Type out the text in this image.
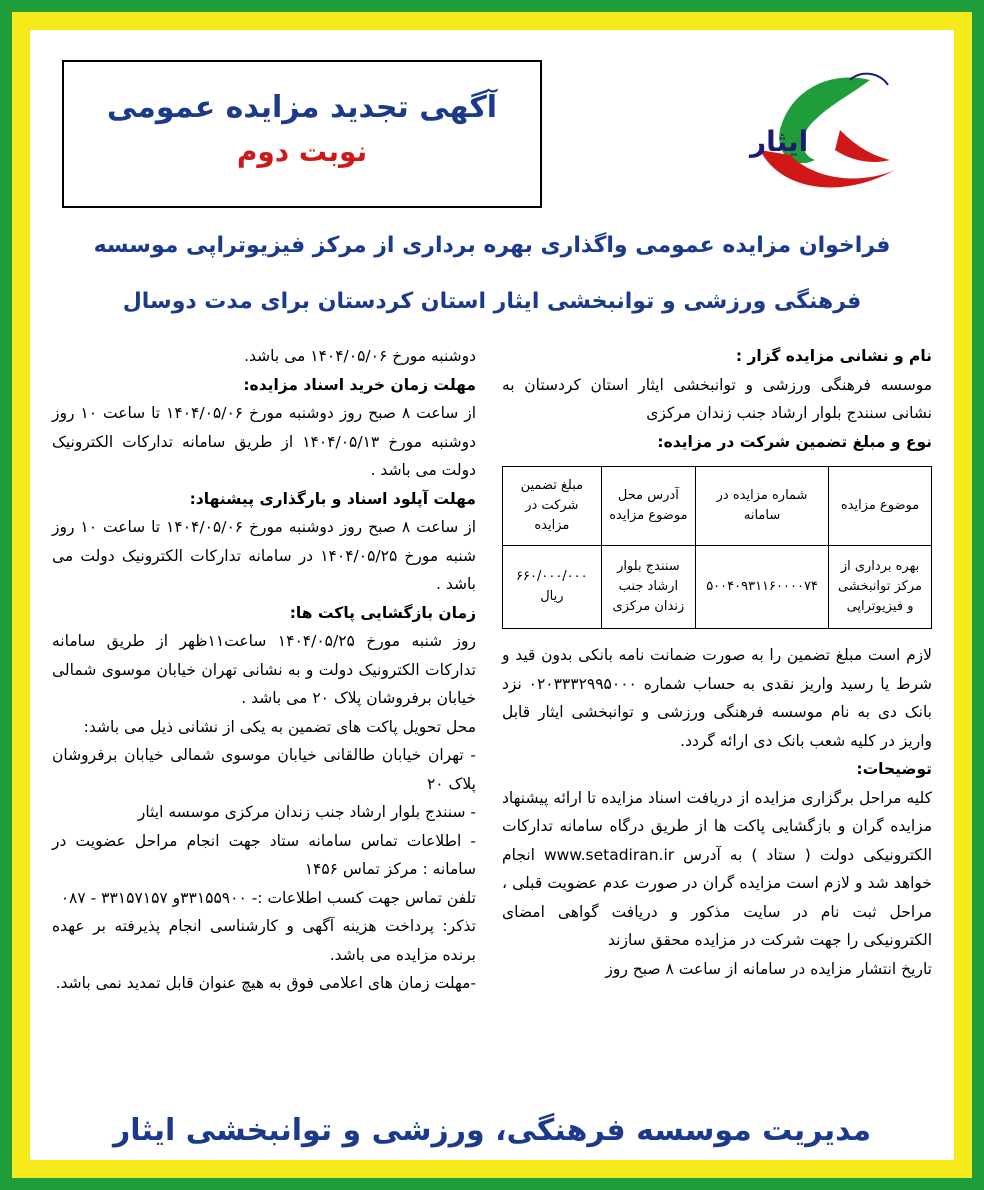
ایثار
آگهی تجدید مزایده عمومی
نوبت دوم
فراخوان مزایده عمومی واگذاری بهره برداری از مرکز فیزیوتراپی موسسه
فرهنگی ورزشی و توانبخشی ایثار استان کردستان برای مدت دوسال

نام و نشانی مزایده گزار :

موسسه فرهنگی ورزشی و توانبخشی ایثار استان کردستان به نشانی سنندج بلوار ارشاد جنب زندان مرکزی

نوع و مبلغ تضمین شرکت در مزایده:

موضوع مزایده	شماره مزایده در سامانه	آدرس محل موضوع مزایده	مبلغ تضمین شرکت در مزایده
بهره برداری از مرکز توانبخشی و فیزیوتراپی	۵۰۰۴۰۹۳۱۱۶۰۰۰۰۷۴	سنندج بلوار ارشاد جنب زندان مرکزی	۶۶۰/۰۰۰/۰۰۰ ریال

لازم است مبلغ تضمین را به صورت ضمانت نامه بانکی بدون قید و شرط یا رسید واریز نقدی به حساب شماره ۰۲۰۳۳۳۲۹۹۵۰۰۰ نزد بانک دی به نام موسسه فرهنگی ورزشی و توانبخشی ایثار قابل واریز در کلیه شعب بانک دی ارائه گردد.

توضیحات:

کلیه مراحل برگزاری مزایده از دریافت اسناد مزایده تا ارائه پیشنهاد مزایده گران و بازگشایی پاکت ها از طریق درگاه سامانه تدارکات الکترونیکی دولت ( ستاد ) به آدرس www.setadiran.ir انجام خواهد شد و لازم است مزایده گران در صورت عدم عضویت قبلی ، مراحل ثبت نام در سایت مذکور و دریافت گواهی امضای الکترونیکی را جهت شرکت در مزایده محقق سازند

تاریخ انتشار مزایده در سامانه از ساعت ۸ صبح روز

دوشنبه مورخ ۱۴۰۴/۰۵/۰۶ می باشد.

مهلت زمان خرید اسناد مزایده:

از ساعت ۸ صبح روز دوشنبه مورخ ۱۴۰۴/۰۵/۰۶ تا ساعت ۱۰ روز دوشنبه مورخ ۱۴۰۴/۰۵/۱۳ از طریق سامانه تدارکات الکترونیک دولت می باشد .

مهلت آپلود اسناد و بارگذاری پیشنهاد:

از ساعت ۸ صبح روز دوشنبه مورخ ۱۴۰۴/۰۵/۰۶ تا ساعت ۱۰ روز شنبه مورخ ۱۴۰۴/۰۵/۲۵ در سامانه تدارکات الکترونیک دولت می باشد .

زمان بازگشایی پاکت ها:

روز شنبه مورخ ۱۴۰۴/۰۵/۲۵ ساعت۱۱ظهر از طریق سامانه تدارکات الکترونیک دولت و به نشانی تهران خیابان موسوی شمالی خیابان برفروشان پلاک ۲۰ می باشد .

محل تحویل پاکت های تضمین به یکی از نشانی ذیل می باشد:

- تهران خیابان طالقانی خیابان موسوی شمالی خیابان برفروشان پلاک ۲۰

- سنندج بلوار ارشاد جنب زندان مرکزی موسسه ایثار

- اطلاعات تماس سامانه ستاد جهت انجام مراحل عضویت در سامانه : مرکز تماس ۱۴۵۶

تلفن تماس جهت کسب اطلاعات :- ۳۳۱۵۵۹۰۰و ۳۳۱۵۷۱۵۷ - ۰۸۷

تذکر: پرداخت هزینه آگهی و کارشناسی انجام پذیرفته بر عهده برنده مزایده می باشد.

-مهلت زمان های اعلامی فوق به هیچ عنوان قابل تمدید نمی باشد.

مدیریت موسسه فرهنگی، ورزشی و توانبخشی ایثار
